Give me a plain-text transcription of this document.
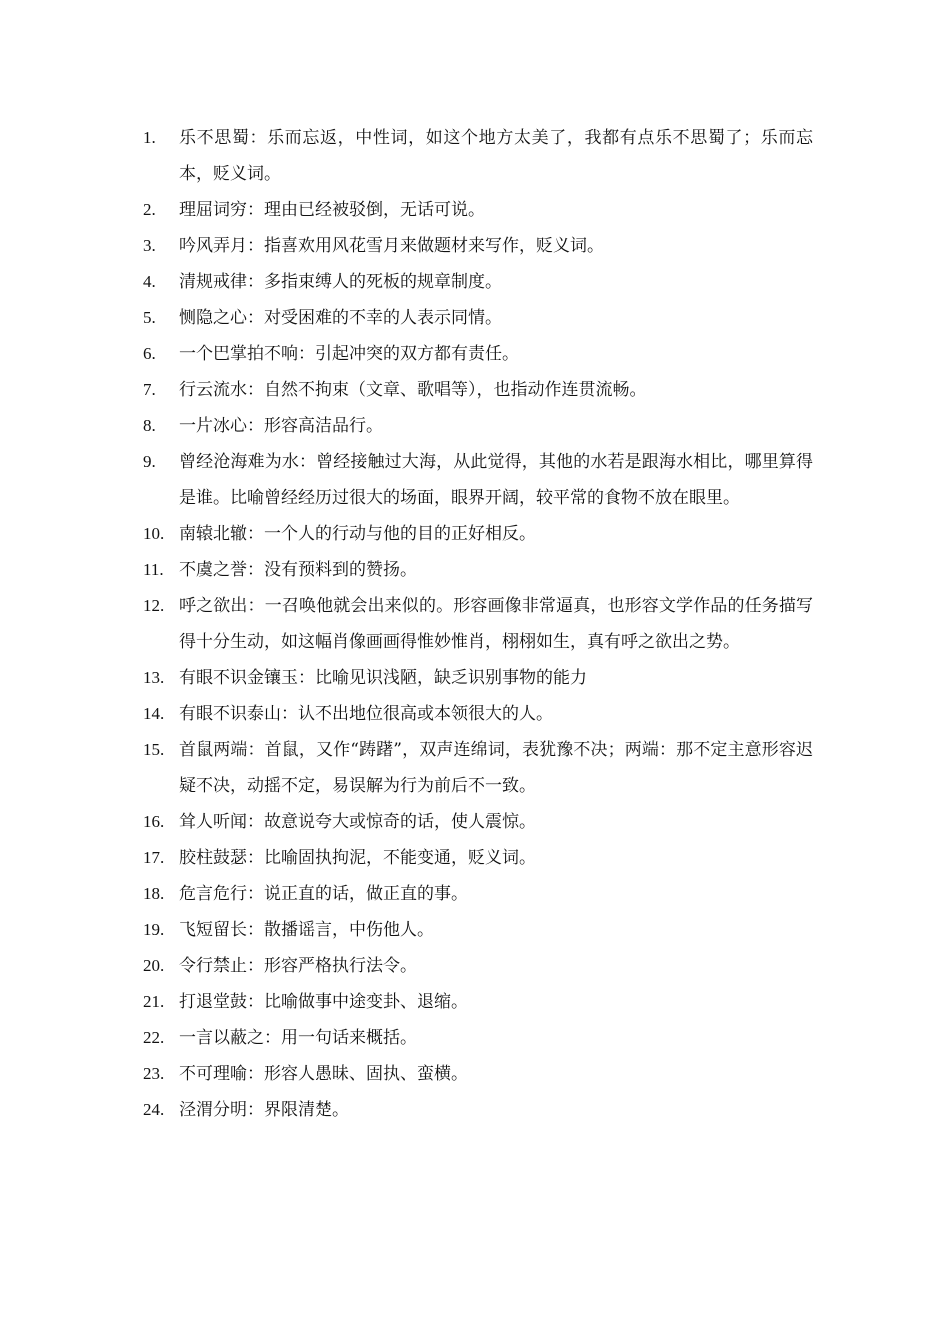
1.	乐不思蜀：乐而忘返，中性词，如这个地方太美了，我都有点乐不思蜀了；乐而忘本，贬义词。
2.	理屈词穷：理由已经被驳倒，无话可说。
3.	吟风弄月：指喜欢用风花雪月来做题材来写作，贬义词。
4.	清规戒律：多指束缚人的死板的规章制度。
5.	恻隐之心：对受困难的不幸的人表示同情。
6.	一个巴掌拍不响：引起冲突的双方都有责任。
7.	行云流水：自然不拘束（文章、歌唱等），也指动作连贯流畅。
8.	一片冰心：形容高洁品行。
9.	曾经沧海难为水：曾经接触过大海，从此觉得，其他的水若是跟海水相比，哪里算得是谁。比喻曾经经历过很大的场面，眼界开阔，较平常的食物不放在眼里。
10. 南辕北辙：一个人的行动与他的目的正好相反。
11. 不虞之誉：没有预料到的赞扬。
12. 呼之欲出：一召唤他就会出来似的。形容画像非常逼真，也形容文学作品的任务描写得十分生动，如这幅肖像画画得惟妙惟肖，栩栩如生，真有呼之欲出之势。
13. 有眼不识金镶玉：比喻见识浅陋，缺乏识别事物的能力
14. 有眼不识泰山：认不出地位很高或本领很大的人。
15. 首鼠两端：首鼠，又作“踌躇”，双声连绵词，表犹豫不决；两端：那不定主意形容迟疑不决，动摇不定，易误解为行为前后不一致。
16. 耸人听闻：故意说夸大或惊奇的话，使人震惊。
17. 胶柱鼓瑟：比喻固执拘泥，不能变通，贬义词。
18. 危言危行：说正直的话，做正直的事。
19. 飞短留长：散播谣言，中伤他人。
20. 令行禁止：形容严格执行法令。
21. 打退堂鼓：比喻做事中途变卦、退缩。
22. 一言以蔽之：用一句话来概括。
23. 不可理喻：形容人愚昧、固执、蛮横。
24. 泾渭分明：界限清楚。
